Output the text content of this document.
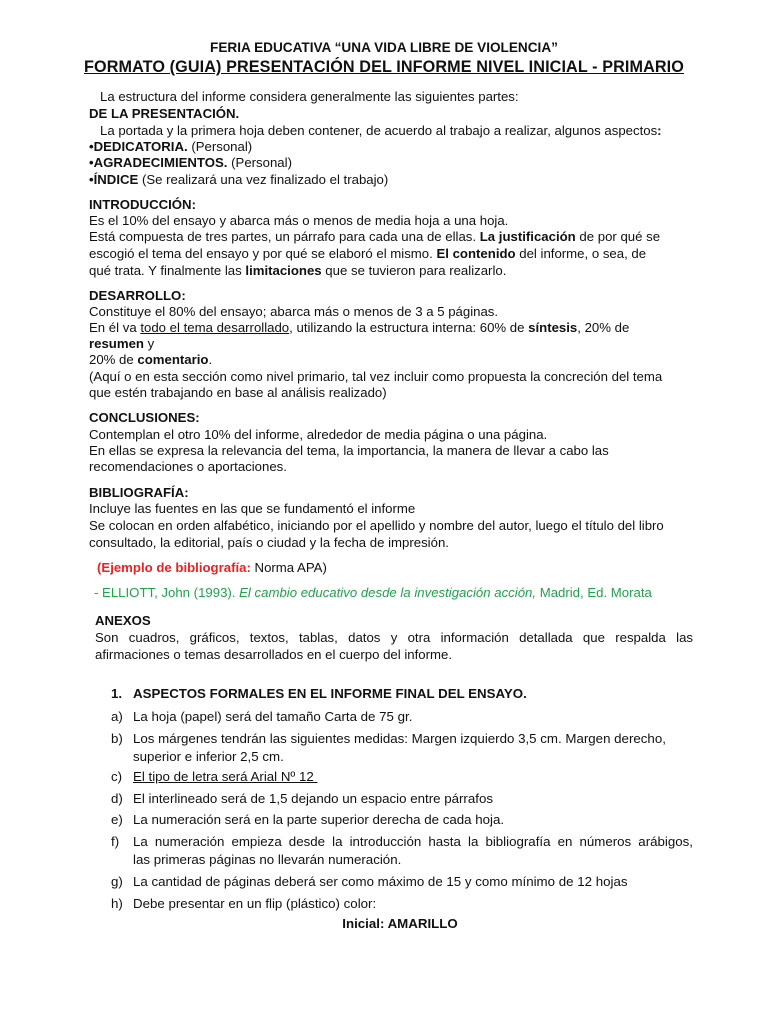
FERIA EDUCATIVA “UNA VIDA LIBRE DE VIOLENCIA”
FORMATO (GUIA) PRESENTACIÓN DEL INFORME NIVEL INICIAL - PRIMARIO
La estructura del informe considera generalmente las siguientes partes:
DE LA PRESENTACIÓN.
La portada y la primera hoja deben contener, de acuerdo al trabajo a realizar, algunos aspectos:
•DEDICATORIA. (Personal)
•AGRADECIMIENTOS. (Personal)
•ÍNDICE (Se realizará una vez finalizado el trabajo)
INTRODUCCIÓN:
Es el 10% del ensayo y abarca más o menos de media hoja a una hoja.
Está compuesta de tres partes, un párrafo para cada una de ellas. La justificación de por qué se
escogió el tema del ensayo y por qué se elaboró el mismo. El contenido del informe, o sea, de
qué trata. Y finalmente las limitaciones que se tuvieron para realizarlo.
DESARROLLO:
Constituye el 80% del ensayo; abarca más o menos de 3 a 5 páginas.
En él va todo el tema desarrollado, utilizando la estructura interna: 60% de síntesis, 20% de
resumen y
20% de comentario.
(Aquí o en esta sección como nivel primario, tal vez incluir como propuesta la concreción del tema
que estén trabajando en base al análisis realizado)
CONCLUSIONES:
Contemplan el otro 10% del informe, alrededor de media página o una página.
En ellas se expresa la relevancia del tema, la importancia, la manera de llevar a cabo las
recomendaciones o aportaciones.
BIBLIOGRAFÍA:
Incluye las fuentes en las que se fundamentó el informe
Se colocan en orden alfabético, iniciando por el apellido y nombre del autor, luego el título del libro
consultado, la editorial, país o ciudad y la fecha de impresión.
(Ejemplo de bibliografía: Norma APA)
- ELLIOTT, John (1993). El cambio educativo desde la investigación acción, Madrid, Ed. Morata
ANEXOS
Son cuadros, gráficos, textos, tablas, datos y otra información detallada que respalda las
afirmaciones o temas desarrollados en el cuerpo del informe.
1. ASPECTOS FORMALES EN EL INFORME FINAL DEL ENSAYO.
a) La hoja (papel) será del tamaño Carta de 75 gr.
b) Los márgenes tendrán las siguientes medidas: Margen izquierdo 3,5 cm. Margen derecho,
superior e inferior 2,5 cm.
c) El tipo de letra será Arial Nº 12
d) El interlineado será de 1,5 dejando un espacio entre párrafos
e) La numeración será en la parte superior derecha de cada hoja.
f) La numeración empieza desde la introducción hasta la bibliografía en números arábigos,
las primeras páginas no llevarán numeración.
g) La cantidad de páginas deberá ser como máximo de 15 y como mínimo de 12 hojas
h) Debe presentar en un flip (plástico) color:
Inicial: AMARILLO
